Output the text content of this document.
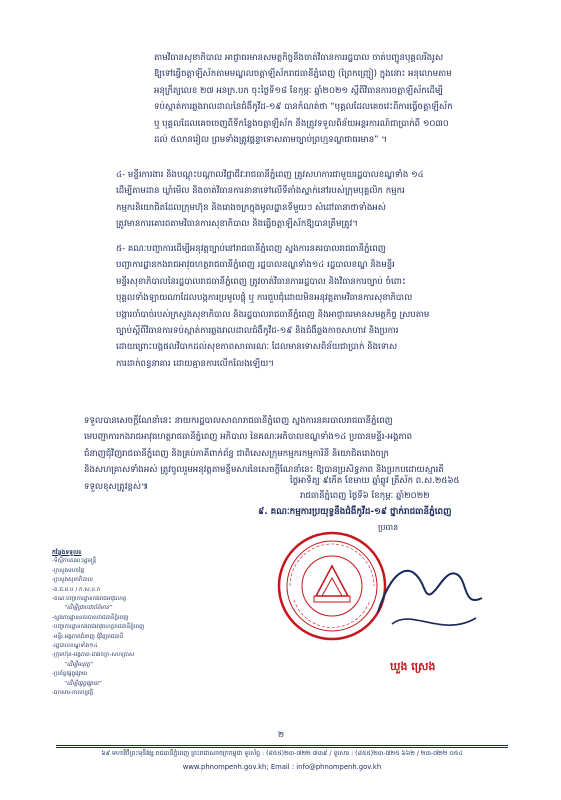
តាមវិធានសុខាភិបាល អាជ្ញាធរមានសមត្ថកិច្ចនឹងចាត់វិធានការរដ្ឋបាល ចាត់បញ្ជូនបុគ្គលរឹងរូស
ឱ្យទៅធ្វើចត្តាឡីស័កតាមមណ្ឌលចត្តាឡីស័ករាជធានីភ្នំពេញ (ព្រៃកញ្ជ្រៀ) ក្នុងនោះ អនុលោមតាម
អនុក្រឹត្យលេខ ២៧ អនក្រ.បក ចុះថ្ងៃទី១៨ ខែកុម្ភៈ ឆ្នាំ២០២១ ស្ដីពីវិធានការចត្តាឡីស័កដើម្បី
ទប់ស្កាត់ការឆ្លងរាលដាលនៃជំងឺកូវីដ-១៩ បានកំណត់ថា “បុគ្គលដែលគេចវេះពីការធ្វើចត្តាឡីស័ក
ឬ បុគ្គលដែលគេចចេញពីទីកន្លែងចត្តាឡីស័ក នឹងត្រូវទទួលពិន័យអន្តរការណ៍ជាប្រាក់ពី ១០៣០
ដល់ ៥លានរៀល ព្រមទាំងត្រូវផ្ដន្ទាទោសតាមច្បាប់ព្រហ្មទណ្ឌជាធរមាន” ។
៤- មន្ទីរការងារ និងបណ្ដុះបណ្ដាលវិជ្ជាជីវៈរាជធានីភ្នំពេញ ត្រូវសហការជាមួយរដ្ឋបាលខណ្ឌទាំង ១៤
ដើម្បីតាមដាន ឃ្លាំមើល និងចាត់វិធានការនានាទៅលើទីតាំងស្នាក់នៅរបស់ក្រុមបុគ្គលិក កម្មករ
កម្មករនិយោជិតដែលក្រុមហ៊ុន និងរោងចក្រក្នុងមូលដ្ឋានទីមួយៗ សំដៅធានាថាទាំងអស់
ត្រូវមានការគោរពតាមវិធានការសុខាភិបាល និងធ្វើចត្តាឡីស័កឱ្យបានត្រឹមត្រូវ។
៥- គណៈបញ្ជាការដើម្បីអនុវត្តច្បាប់នៅរាជធានីភ្នំពេញ ស្នងការនគរបាលរាជធានីភ្នំពេញ
បញ្ជាការដ្ឋានកងរាជអាវុធហត្ថរាជធានីភ្នំពេញ រដ្ឋបាលខណ្ឌទាំង១៤ រដ្ឋបាលខណ្ឌ និងមន្ទីរ
មន្ទីរសុខាភិបាលនៃរដ្ឋបាលរាជធានីភ្នំពេញ ត្រូវចាត់វិធានការរដ្ឋបាល និងវិធានការច្បាប់ ចំពោះ
បុគ្គលទាំងឡាយណាដែលបង្កការប្រមូលផ្ដុំ ឬ ការជួបជុំដោយមិនអនុវត្តតាមវិធានការសុខាភិបាល
បង្ការចាំបាច់របស់ក្រសួងសុខាភិបាល និងរដ្ឋបាលរាជធានីភ្នំពេញ និងអាជ្ញាធរមានសមត្ថកិច្ច ស្របតាម
ច្បាប់ស្ដីពីវិធានការទប់ស្កាត់ការឆ្លងរាលដាលជំងឺកូវីដ-១៩ និងជំងឺឆ្លងកាចសាហាវ និងប្រការ
ដោយព្រោះបង្កផលវិបាកដល់សុខភាពសាធារណៈ ដែលមានទោសពិន័យជាប្រាក់ និងទោស
ការដាក់ពន្ធនាគារ ដោយគ្មានការលើកលែងឡើយ។
ទទួលបានសេចក្ដីណែនាំនេះ នាយករដ្ឋបាលសាលារាជធានីភ្នំពេញ ស្នងការនគរបាលរាជធានីភ្នំពេញ
មេបញ្ជាការកងរាជអាវុធហត្ថរាជធានីភ្នំពេញ អភិបាល នៃគណៈអភិបាលខណ្ឌទាំង១៤ ប្រធានមន្ទីរ-អង្គភាព
ជំនាញជុំវិញរាជធានីភ្នំពេញ និងគ្រប់ភាគីពាក់ព័ន្ធ ជាពិសេសក្រុមកម្មករកម្មការិនី និយោជិតរោងចក្រ
និងសហគ្រាសទាំងអស់ ត្រូវចូលរួមអនុវត្តតាមខ្លឹមសារនៃសេចក្ដីណែនាំនេះ ឱ្យបានប្រសិទ្ធភាព និងប្រកបដោយស្មារតី
ទទួលខុសត្រូវខ្ពស់៕
ថ្ងៃអាទិត្យ ៩កើត ខែមាឃ ឆ្នាំឆ្លូវ ត្រីស័ក ព.ស.២៥៦៥
រាជធានីភ្នំពេញ ថ្ងៃទី៦ ខែកុម្ភៈ ឆ្នាំ២០២២
៩. គណៈកម្មការប្រយុទ្ធនឹងជំងឺកូវីដ-១៩ ថ្នាក់រាជធានីភ្នំពេញ
ប្រធាន
ឃួង ស្រេង
កន្លែងទទួល៖
-ទីស្ដីការគណៈរដ្ឋមន្ត្រី
-ក្រសួងមហាផ្ទៃ
-ក្រសួងសុខាភិបាល
-គ.ជ.អ.ប / ក.ស.ប.ក
-គណៈបញ្ជាការដ្ឋានកងរាជអាវុធហត្ថ
“ដើម្បីជ្រាបជាព័ត៌មាន”
-ស្នងការដ្ឋាននគរបាលរាជធានីភ្នំពេញ
-បញ្ជាការដ្ឋានកងរាជអាវុធហត្ថរាជធានីភ្នំពេញ
-មន្ទីរ អង្គភាពជំនាញ ជុំវិញរាជធានី
-រដ្ឋបាលខណ្ឌទាំង១៤
-ក្រុមហ៊ុន-អង្គភាព-រោងចក្រ-សហគ្រាស
“ដើម្បីអនុវត្ត”
-ប្រព័ន្ធផ្សព្វផ្សាយ
“ដើម្បីផ្សព្វផ្សាយ”
-ឯកសារ-កាលប្បវត្តិ
២
៦៩ មហាវិថីព្រះមុនីវង្ស រាជធានីភ្នំពេញ ព្រះរាជាណាចក្រកម្ពុជា ទូរស័ព្ទ : (៨៥៥)២៣-៧២២ ៧៣៩ / ទូរសារ : (៨៥៥)២៣-៧២៥ ៦៦២ / ២៣-៧២២ ០៥៤
www.phnompenh.gov.kh; Email : info@phnompenh.gov.kh
